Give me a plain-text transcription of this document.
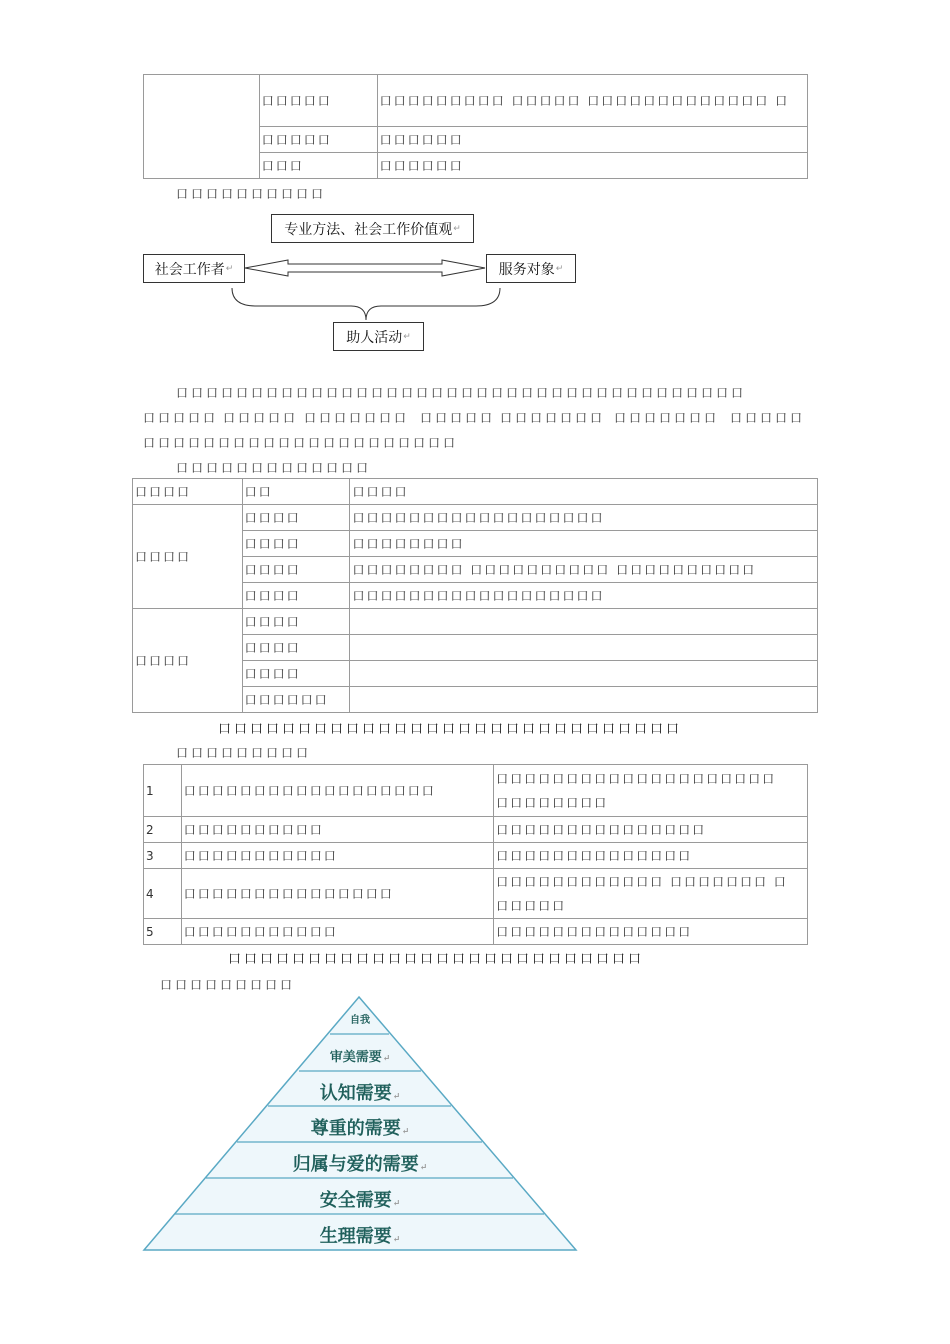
	口口口口口	口口口口口口口口口 口口口口口 口口口口口口口口口口口口口 口
	口口口口口	口口口口口口
	口口口	口口口口口口
口口口口口口口口口口
专业方法、社会工作价值观 ↵
社会工作者 ↵	服务对象 ↵
助人活动 ↵
口口口口口口口口口口口口口口口口口口口口口口口口口口口口口口口口口口口口口口
口口口口口 口口口口口 口口口口口口口 口口口口口 口口口口口口口 口口口口口口口 口口口口口
口口口口口口口口口口口口口口口口口口口口口
口口口口口口口口口口口口口
口口口口	口口	口口口口
口口口口	口口口口	口口口口口口口口口口口口口口口口口口
	口口口口	口口口口口口口口
	口口口口	口口口口口口口口 口口口口口口口口口口 口口口口口口口口口口
	口口口口	口口口口口口口口口口口口口口口口口口
口口口口	口口口口	
	口口口口	
	口口口口	
	口口口口口口	
口口口口口口口口口口口口口口口口口口口口口口口口口口口口口
口口口口口口口口口
1	口口口口口口口口口口口口口口口口口口	口口口口口口口口口口口口口口口口口口口口
口口口口口口口口

2	口口口口口口口口口口	口口口口口口口口口口口口口口口
3	口口口口口口口口口口口	口口口口口口口口口口口口口口
4	口口口口口口口口口口口口口口口	口口口口口口口口口口口口 口口口口口口口 口
口口口口口

5	口口口口口口口口口口口	口口口口口口口口口口口口口口
口口口口口口口口口口口口口口口口口口口口口口口口口口
口口口口口口口口口
自我
审美需要↵
认知需要↵
尊重的需要↵
归属与爱的需要↵
安全需要↵
生理需要↵
